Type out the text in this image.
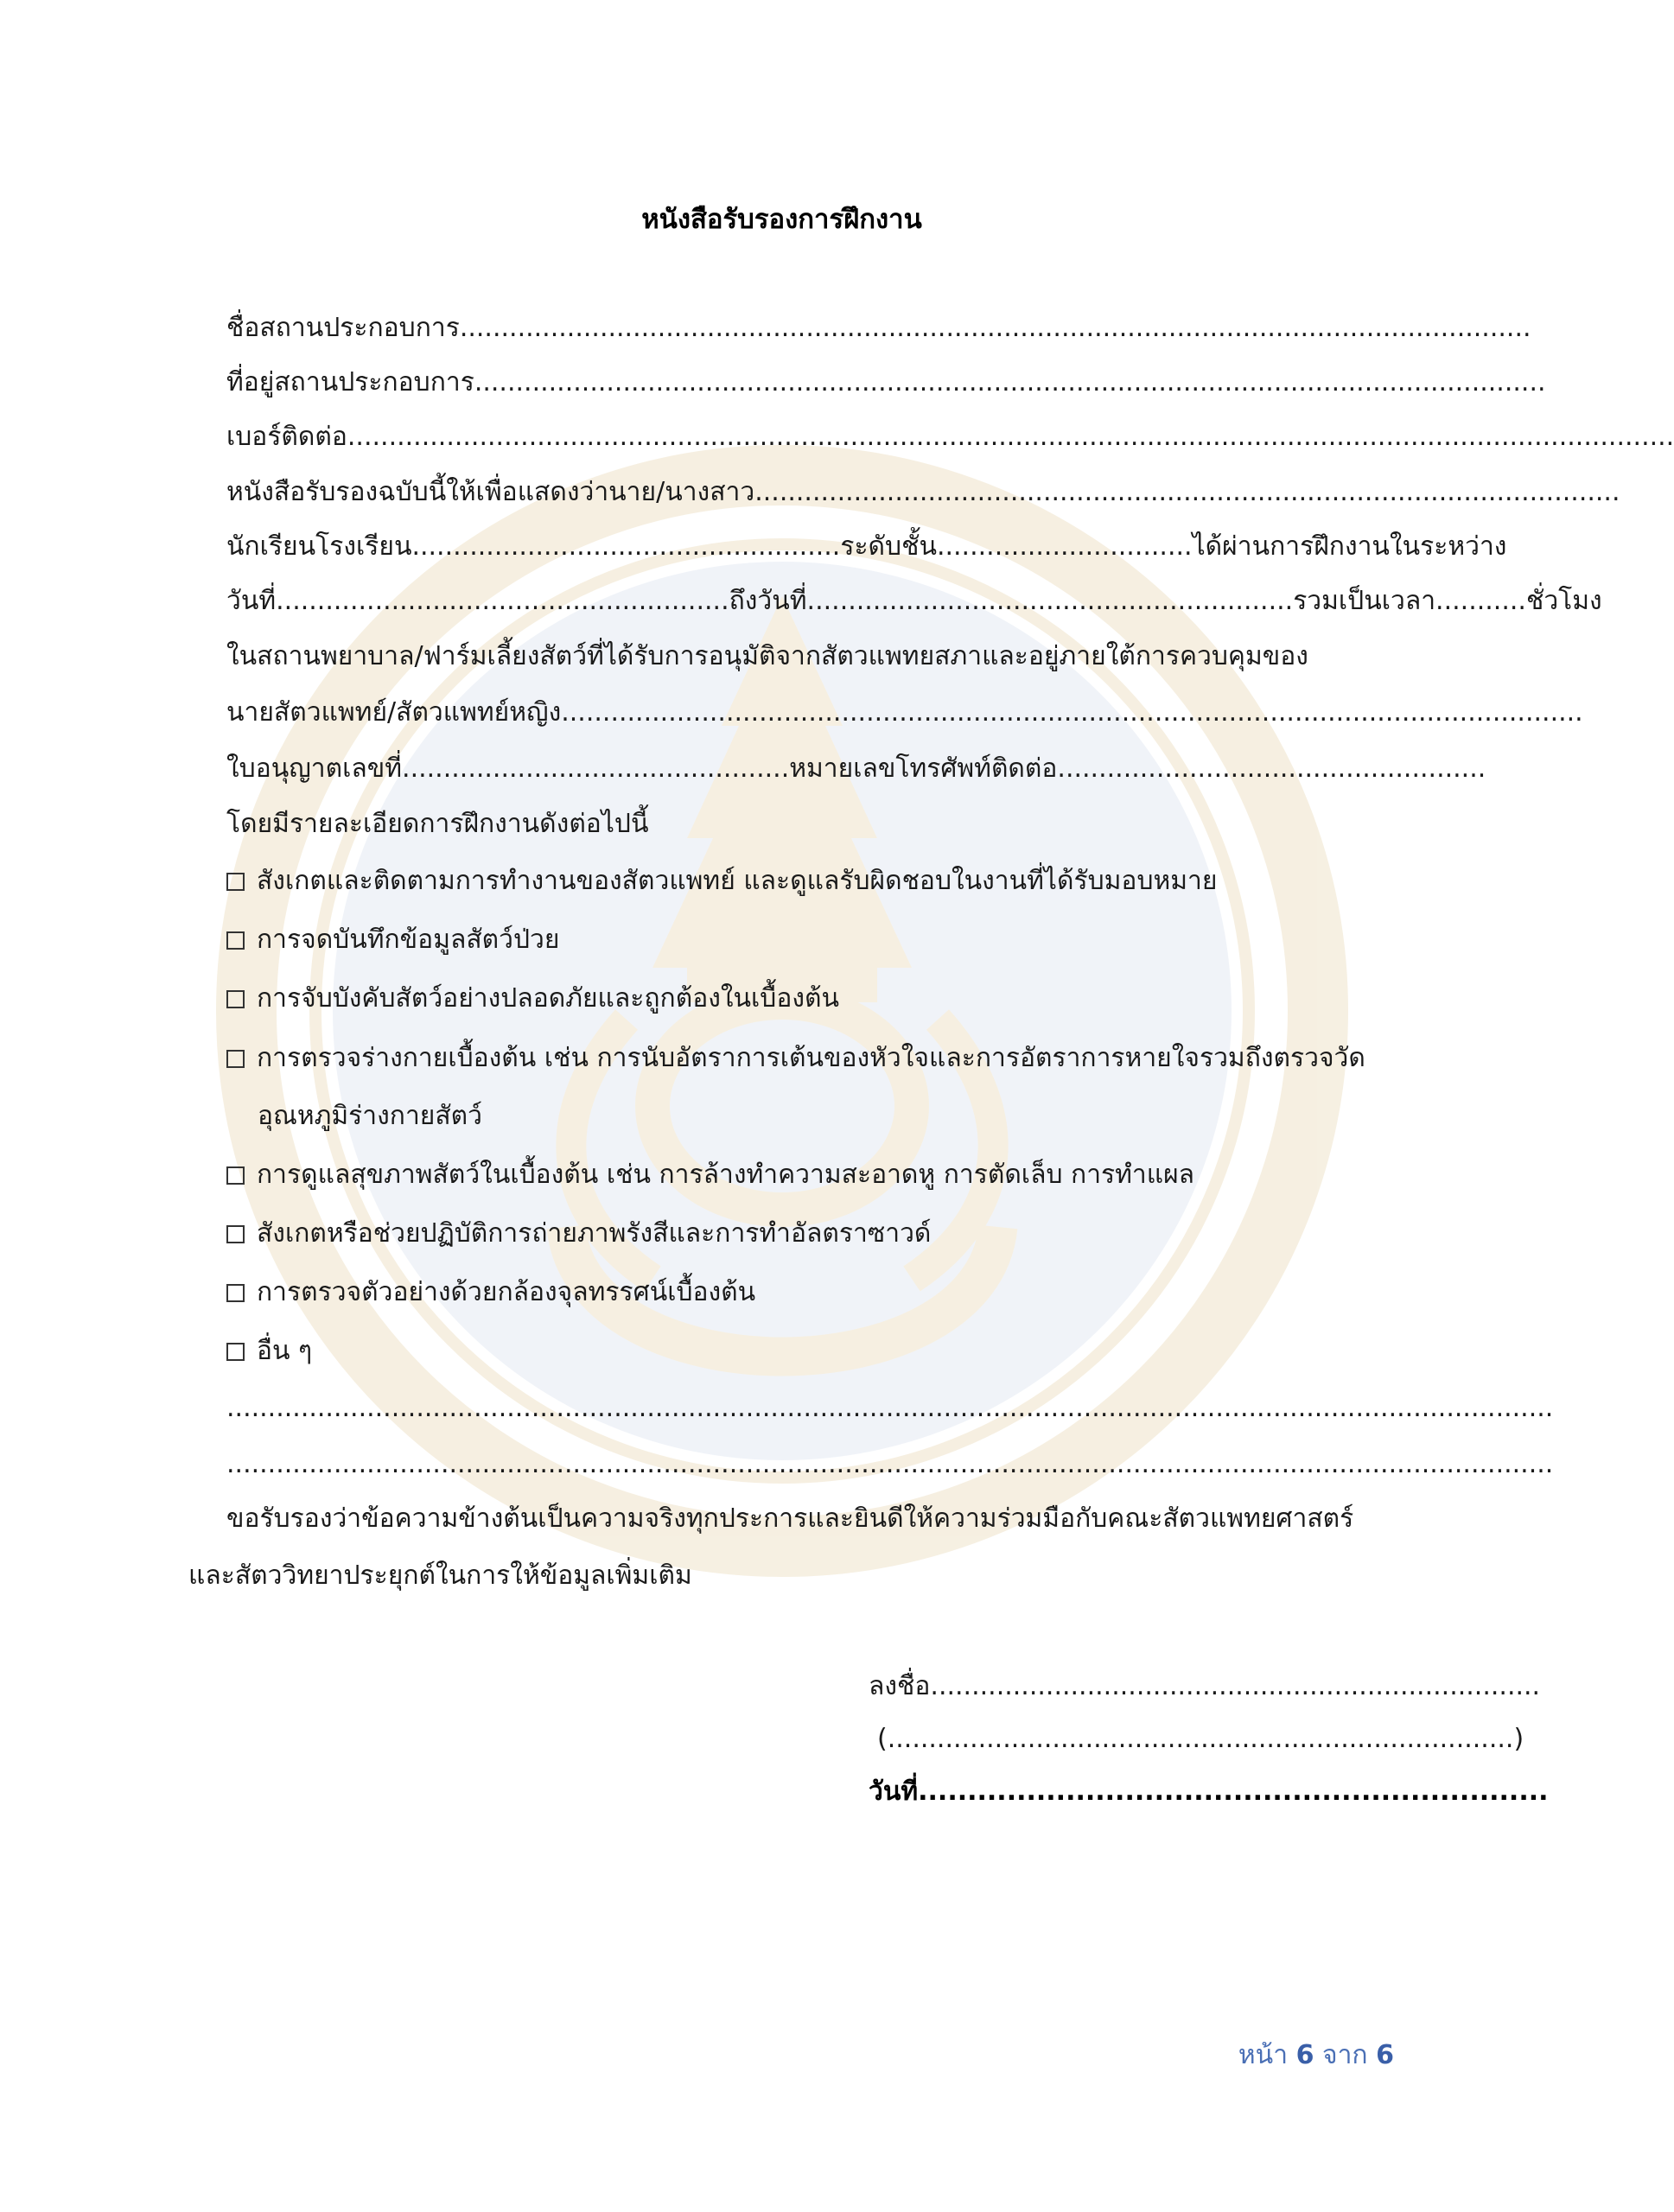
หนังสือรับรองการฝึกงาน
ชื่อสถานประกอบการ..................................................................................................................................
ที่อยู่สถานประกอบการ..................................................................................................................................
เบอร์ติดต่อ.................................................................................................................................................................
หนังสือรับรองฉบับนี้ให้เพื่อแสดงว่านาย/นางสาว.........................................................................................................
นักเรียนโรงเรียน....................................................ระดับชั้น...............................ได้ผ่านการฝึกงานในระหว่าง
วันที่.......................................................ถึงวันที่...........................................................รวมเป็นเวลา...........ชั่วโมง
ในสถานพยาบาล/ฟาร์มเลี้ยงสัตว์ที่ได้รับการอนุมัติจากสัตวแพทยสภาและอยู่ภายใต้การควบคุมของ
นายสัตวแพทย์/สัตวแพทย์หญิง............................................................................................................................
ใบอนุญาตเลขที่...............................................หมายเลขโทรศัพท์ติดต่อ....................................................
โดยมีรายละเอียดการฝึกงานดังต่อไปนี้
สังเกตและติดตามการทำงานของสัตวแพทย์ และดูแลรับผิดชอบในงานที่ได้รับมอบหมาย
การจดบันทึกข้อมูลสัตว์ป่วย
การจับบังคับสัตว์อย่างปลอดภัยและถูกต้องในเบื้องต้น
การตรวจร่างกายเบื้องต้น เช่น การนับอัตราการเต้นของหัวใจและการอัตราการหายใจรวมถึงตรวจวัด
อุณหภูมิร่างกายสัตว์
การดูแลสุขภาพสัตว์ในเบื้องต้น เช่น การล้างทำความสะอาดหู การตัดเล็บ การทำแผล
สังเกตหรือช่วยปฏิบัติการถ่ายภาพรังสีและการทำอัลตราซาวด์
การตรวจตัวอย่างด้วยกล้องจุลทรรศน์เบื้องต้น
อื่น ๆ
.................................................................................................................................................................
.................................................................................................................................................................
ขอรับรองว่าข้อความข้างต้นเป็นความจริงทุกประการและยินดีให้ความร่วมมือกับคณะสัตวแพทยศาสตร์
และสัตววิทยาประยุกต์ในการให้ข้อมูลเพิ่มเติม
ลงชื่อ..........................................................................
(............................................................................)
วันที่................................................................
หน้า 6 จาก 6
